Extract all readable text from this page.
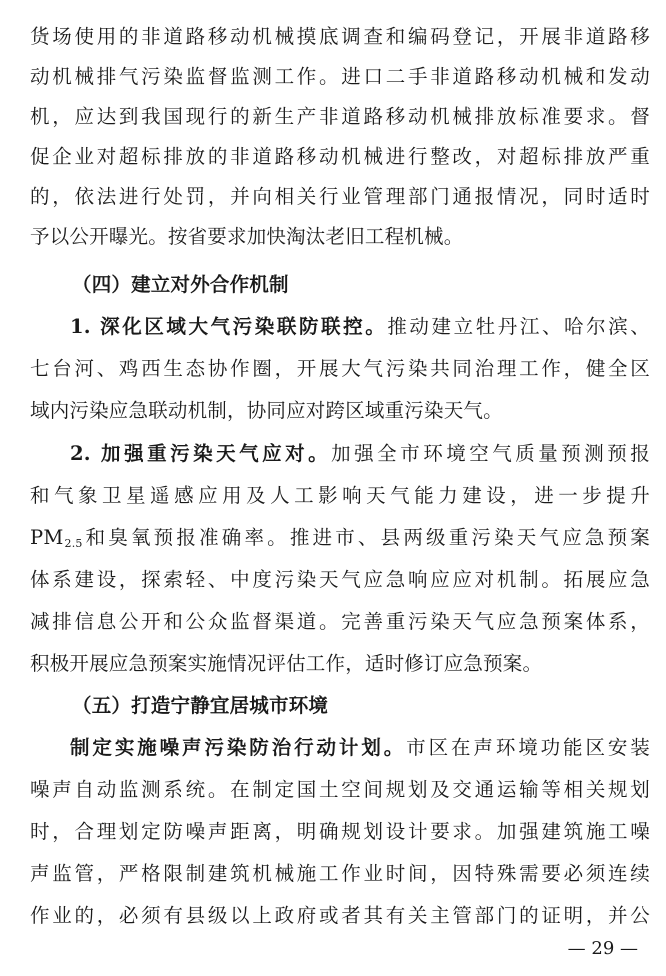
货场使用的非道路移动机械摸底调查和编码登记，开展非道路移
动机械排气污染监督监测工作。进口二手非道路移动机械和发动
机，应达到我国现行的新生产非道路移动机械排放标准要求。督
促企业对超标排放的非道路移动机械进行整改，对超标排放严重
的，依法进行处罚，并向相关行业管理部门通报情况，同时适时
予以公开曝光。按省要求加快淘汰老旧工程机械。
（四）建立对外合作机制
1. 深化区域大气污染联防联控。推动建立牡丹江、哈尔滨、
七台河、鸡西生态协作圈，开展大气污染共同治理工作，健全区
域内污染应急联动机制，协同应对跨区域重污染天气。
2. 加强重污染天气应对。加强全市环境空气质量预测预报
和气象卫星遥感应用及人工影响天气能力建设，进一步提升
$PM_{2.5}$和臭氧预报准确率。推进市、县两级重污染天气应急预案
体系建设，探索轻、中度污染天气应急响应应对机制。拓展应急
减排信息公开和公众监督渠道。完善重污染天气应急预案体系，
积极开展应急预案实施情况评估工作，适时修订应急预案。
（五）打造宁静宜居城市环境
制定实施噪声污染防治行动计划。市区在声环境功能区安装
噪声自动监测系统。在制定国土空间规划及交通运输等相关规划
时，合理划定防噪声距离，明确规划设计要求。加强建筑施工噪
声监管，严格限制建筑机械施工作业时间，因特殊需要必须连续
作业的，必须有县级以上政府或者其有关主管部门的证明，并公
— 29 —
